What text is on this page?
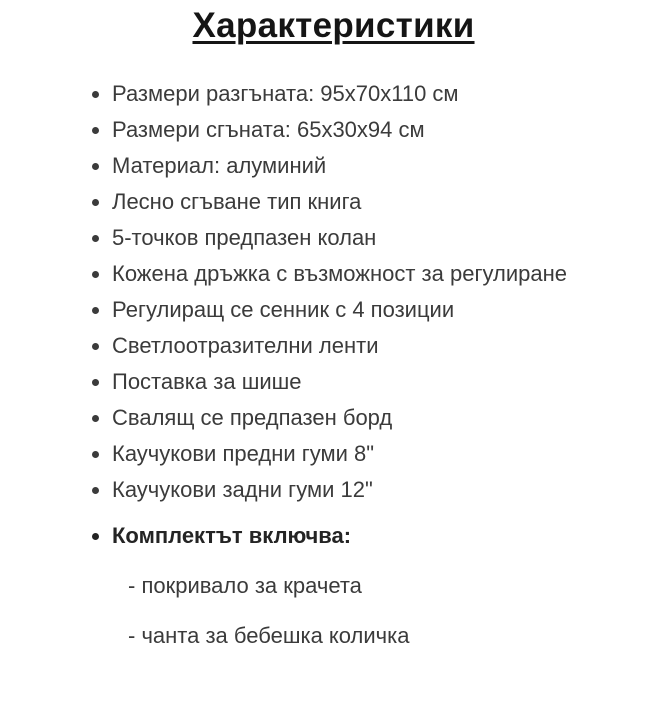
Характеристики
• Размери разгъната: 95х70х110 см
• Размери сгъната: 65х30х94 см
• Материал: алуминий
• Лесно сгъване тип книга
• 5-точков предпазен колан
• Кожена дръжка с възможност за регулиране
• Регулиращ се сенник с 4 позиции
• Светлоотразителни ленти
• Поставка за шише
• Свалящ се предпазен борд
• Каучукови предни гуми 8"
• Каучукови задни гуми 12"
• Комплектът включва:

- покривало за крачета

- чанта за бебешка количка
